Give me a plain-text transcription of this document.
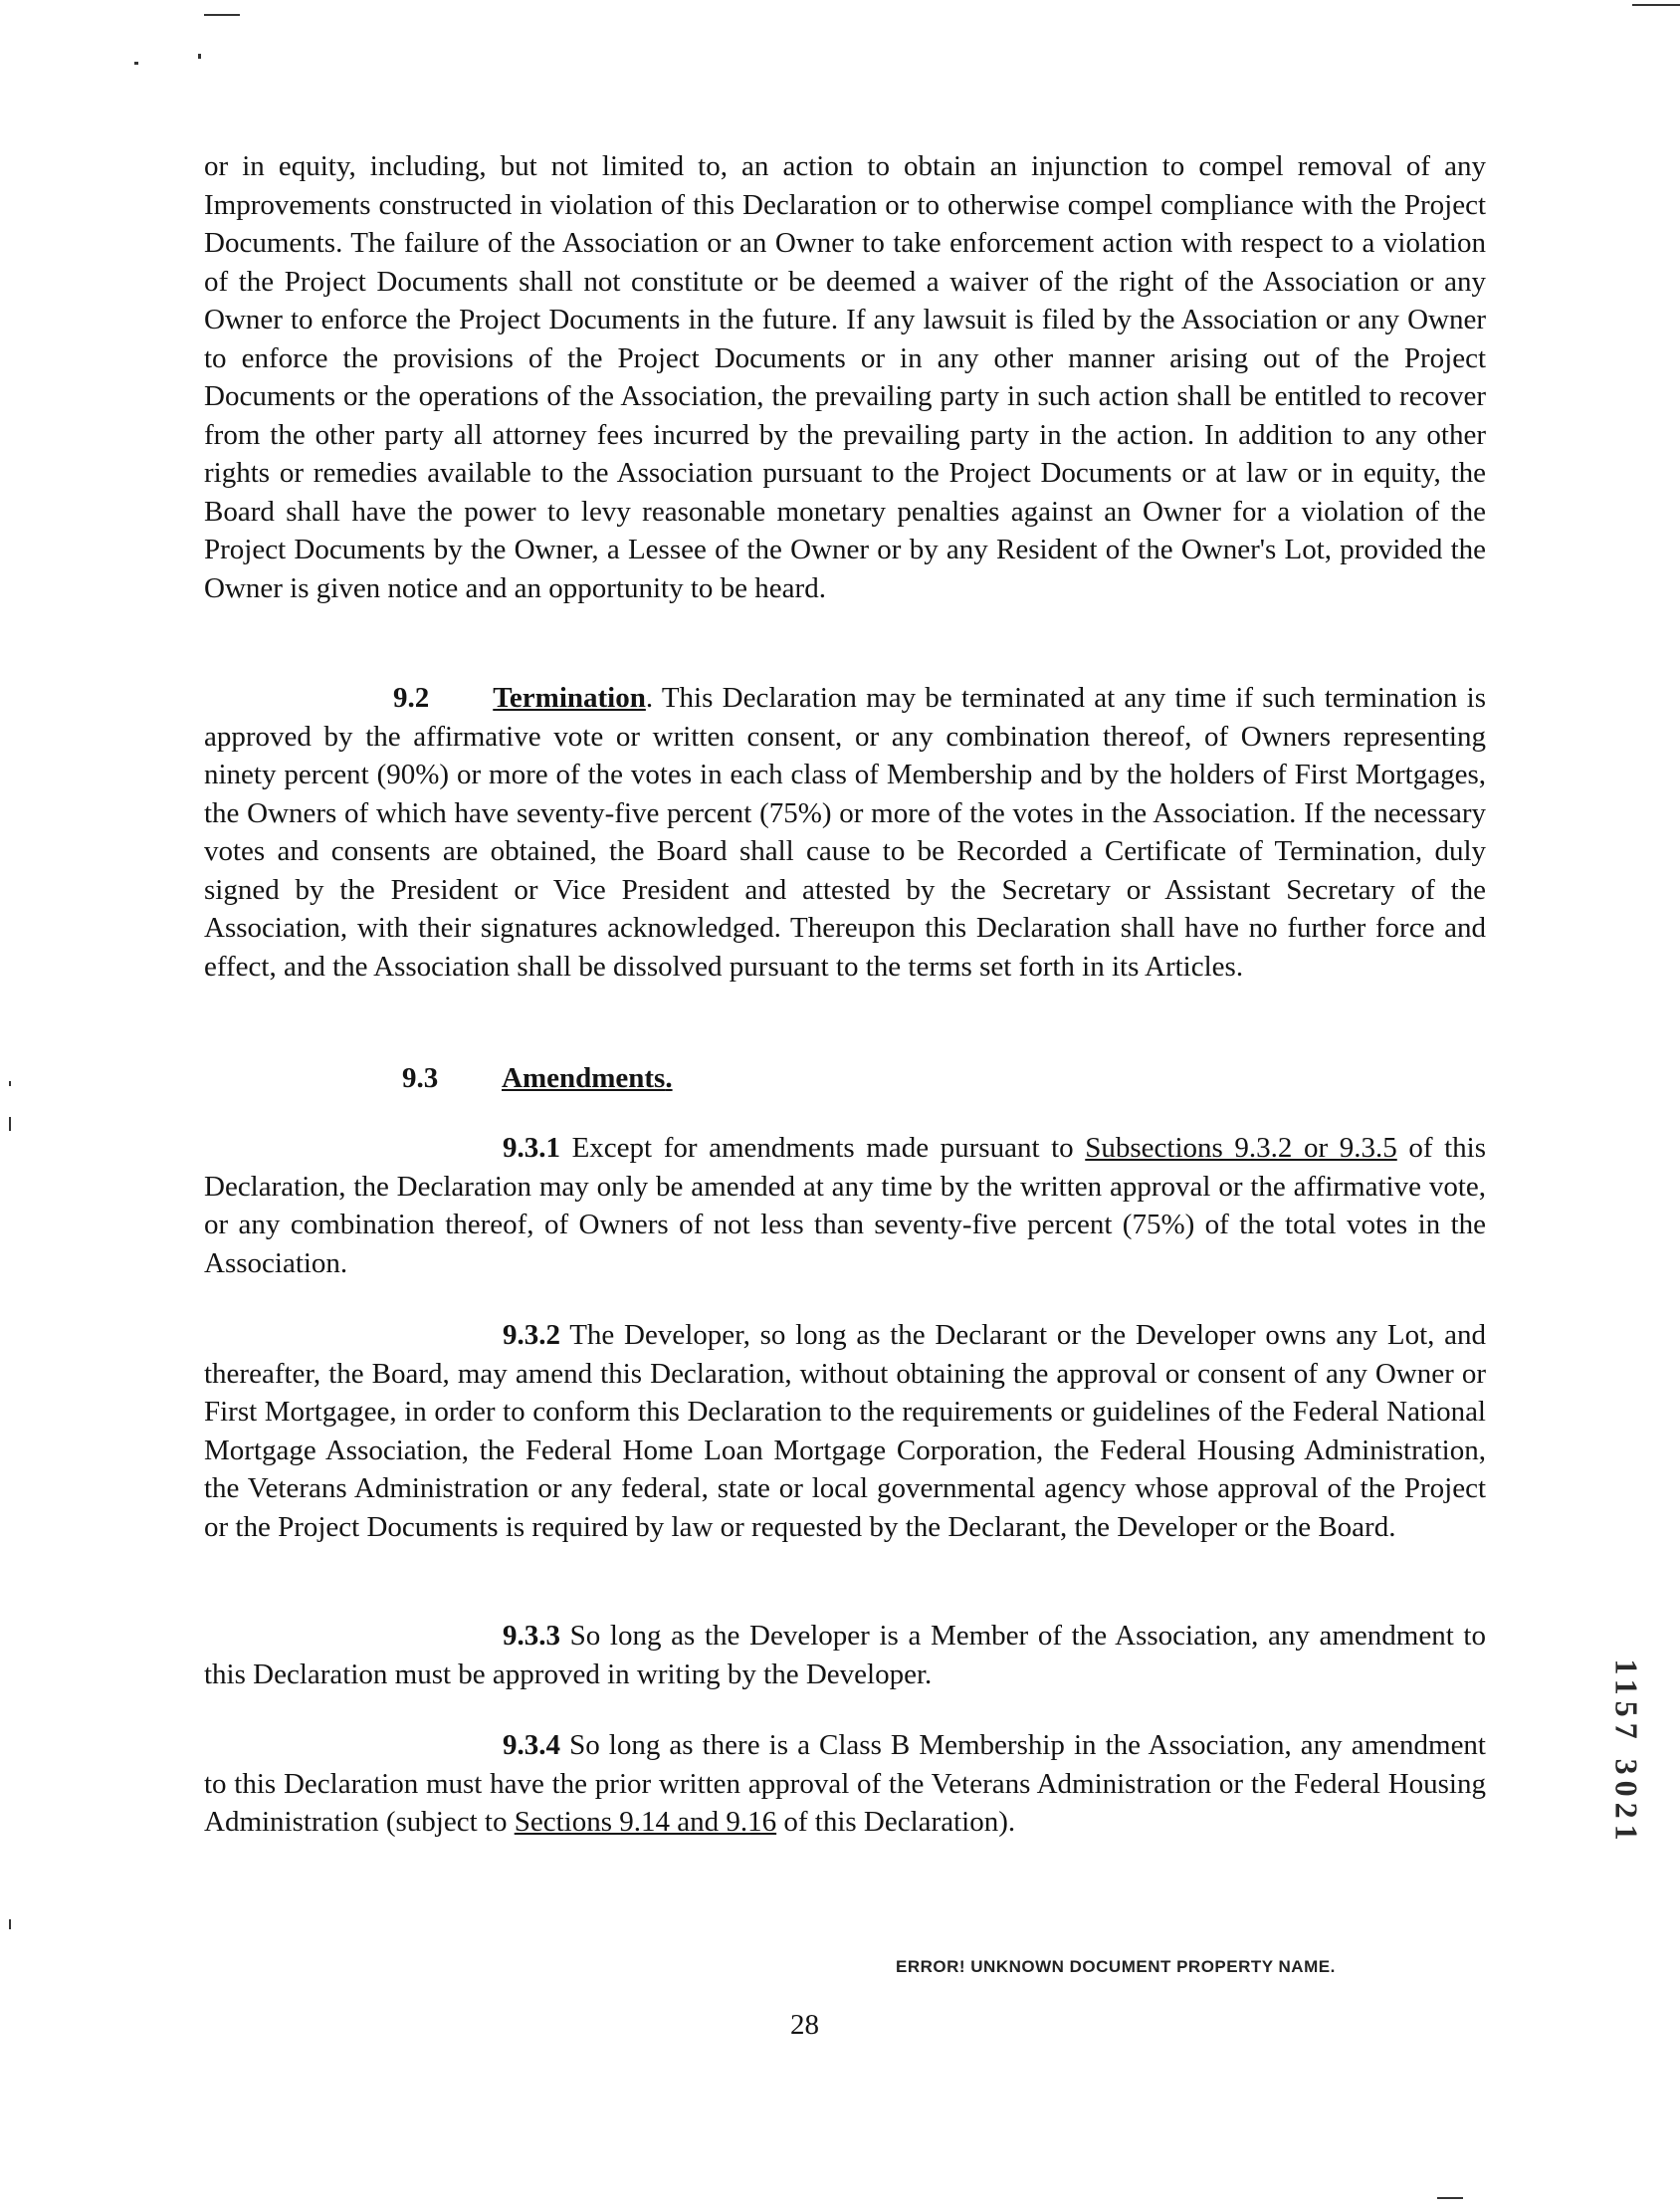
or in equity, including, but not limited to, an action to obtain an injunction to compel removal of any Improvements constructed in violation of this Declaration or to otherwise compel compliance with the Project Documents. The failure of the Association or an Owner to take enforcement action with respect to a violation of the Project Documents shall not constitute or be deemed a waiver of the right of the Association or any Owner to enforce the Project Documents in the future. If any lawsuit is filed by the Association or any Owner to enforce the provisions of the Project Documents or in any other manner arising out of the Project Documents or the operations of the Association, the prevailing party in such action shall be entitled to recover from the other party all attorney fees incurred by the prevailing party in the action. In addition to any other rights or remedies available to the Association pursuant to the Project Documents or at law or in equity, the Board shall have the power to levy reasonable monetary penalties against an Owner for a violation of the Project Documents by the Owner, a Lessee of the Owner or by any Resident of the Owner's Lot, provided the Owner is given notice and an opportunity to be heard.

9.2 Termination. This Declaration may be terminated at any time if such termination is approved by the affirmative vote or written consent, or any combination thereof, of Owners representing ninety percent (90%) or more of the votes in each class of Membership and by the holders of First Mortgages, the Owners of which have seventy-five percent (75%) or more of the votes in the Association. If the necessary votes and consents are obtained, the Board shall cause to be Recorded a Certificate of Termination, duly signed by the President or Vice President and attested by the Secretary or Assistant Secretary of the Association, with their signatures acknowledged. Thereupon this Declaration shall have no further force and effect, and the Association shall be dissolved pursuant to the terms set forth in its Articles.

9.3 Amendments.

9.3.1 Except for amendments made pursuant to Subsections 9.3.2 or 9.3.5 of this Declaration, the Declaration may only be amended at any time by the written approval or the affirmative vote, or any combination thereof, of Owners of not less than seventy-five percent (75%) of the total votes in the Association.

9.3.2 The Developer, so long as the Declarant or the Developer owns any Lot, and thereafter, the Board, may amend this Declaration, without obtaining the approval or consent of any Owner or First Mortgagee, in order to conform this Declaration to the requirements or guidelines of the Federal National Mortgage Association, the Federal Home Loan Mortgage Corporation, the Federal Housing Administration, the Veterans Administration or any federal, state or local governmental agency whose approval of the Project or the Project Documents is required by law or requested by the Declarant, the Developer or the Board.

9.3.3 So long as the Developer is a Member of the Association, any amendment to this Declaration must be approved in writing by the Developer.

9.3.4 So long as there is a Class B Membership in the Association, any amendment to this Declaration must have the prior written approval of the Veterans Administration or the Federal Housing Administration (subject to Sections 9.14 and 9.16 of this Declaration).	1157 3021
ERROR! UNKNOWN DOCUMENT PROPERTY NAME.
28
